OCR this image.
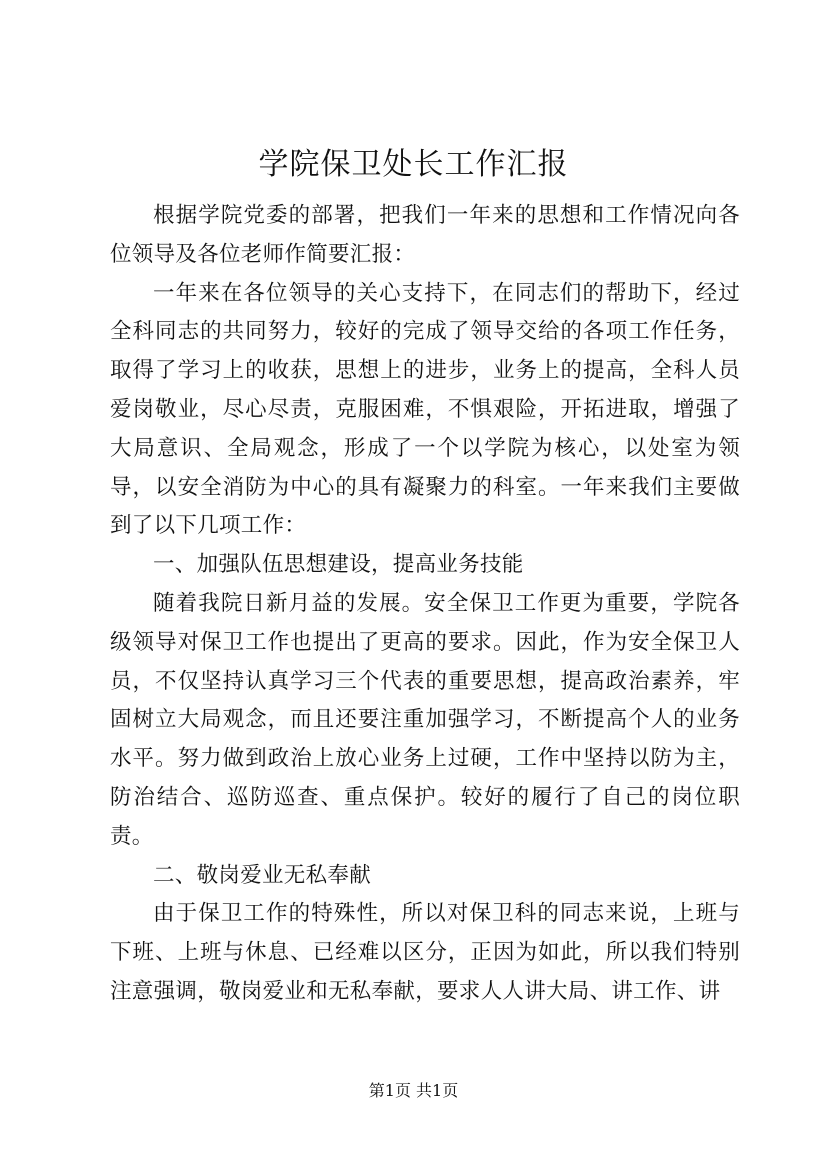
学院保卫处长工作汇报

根据学院党委的部署，把我们一年来的思想和工作情况向各位领导及各位老师作简要汇报：

一年来在各位领导的关心支持下，在同志们的帮助下，经过全科同志的共同努力，较好的完成了领导交给的各项工作任务，取得了学习上的收获，思想上的进步，业务上的提高，全科人员爱岗敬业，尽心尽责，克服困难，不惧艰险，开拓进取，增强了大局意识、全局观念，形成了一个以学院为核心，以处室为领导，以安全消防为中心的具有凝聚力的科室。一年来我们主要做到了以下几项工作：

一、加强队伍思想建设，提高业务技能

随着我院日新月益的发展。安全保卫工作更为重要，学院各级领导对保卫工作也提出了更高的要求。因此，作为安全保卫人员，不仅坚持认真学习三个代表的重要思想，提高政治素养，牢固树立大局观念，而且还要注重加强学习，不断提高个人的业务水平。努力做到政治上放心业务上过硬，工作中坚持以防为主，防治结合、巡防巡查、重点保护。较好的履行了自己的岗位职责。

二、敬岗爱业无私奉献

由于保卫工作的特殊性，所以对保卫科的同志来说，上班与下班、上班与休息、已经难以区分，正因为如此，所以我们特别注意强调，敬岗爱业和无私奉献，要求人人讲大局、讲工作、讲

第1页 共1页
